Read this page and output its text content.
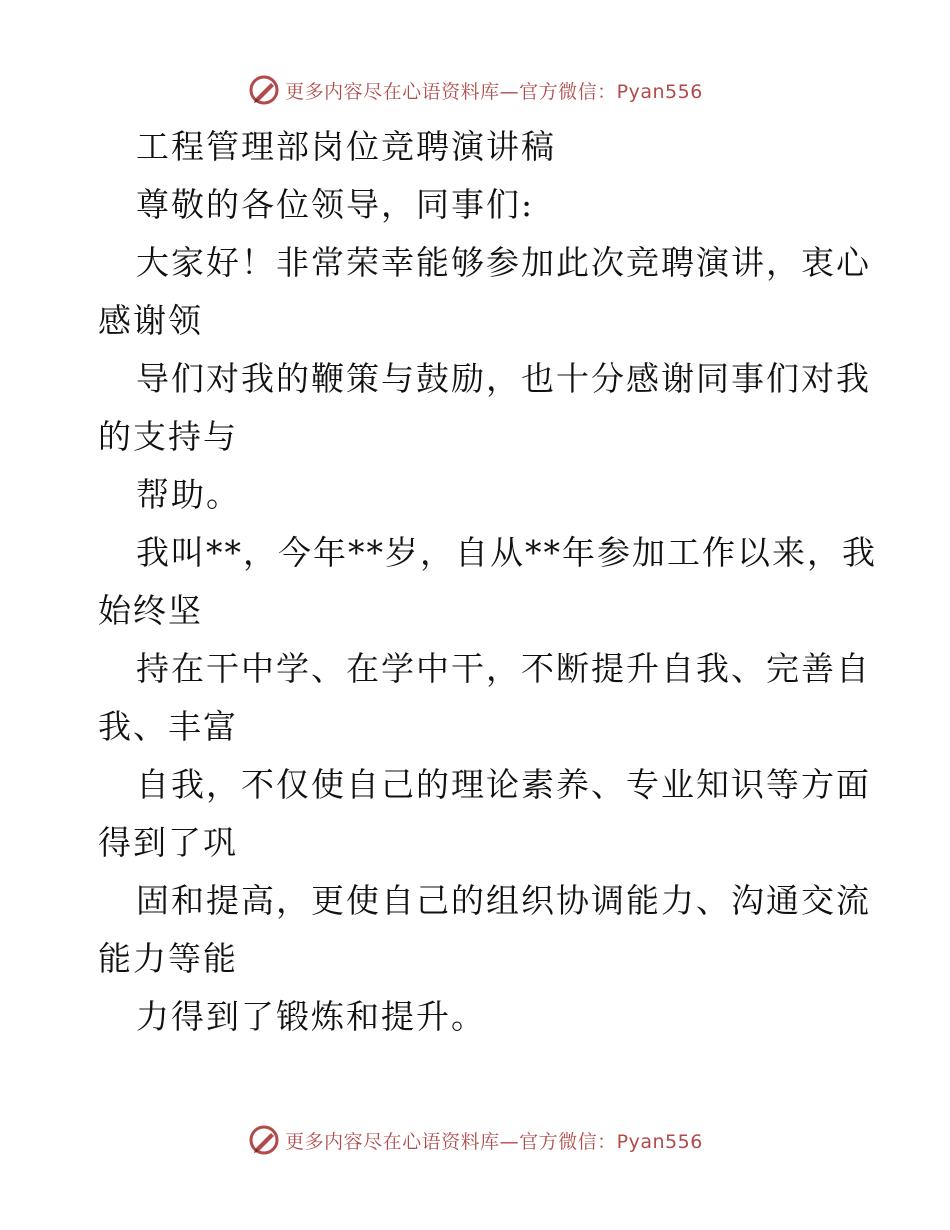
更多内容尽在心语资料库—官方微信：Pyan556
工程管理部岗位竞聘演讲稿
尊敬的各位领导，同事们:
大家好！非常荣幸能够参加此次竞聘演讲，衷心
感谢领
导们对我的鞭策与鼓励，也十分感谢同事们对我
的支持与
帮助。
我叫**，今年**岁，自从**年参加工作以来，我
始终坚
持在干中学、在学中干，不断提升自我、完善自
我、丰富
自我，不仅使自己的理论素养、专业知识等方面
得到了巩
固和提高，更使自己的组织协调能力、沟通交流
能力等能
力得到了锻炼和提升。
更多内容尽在心语资料库—官方微信：Pyan556
